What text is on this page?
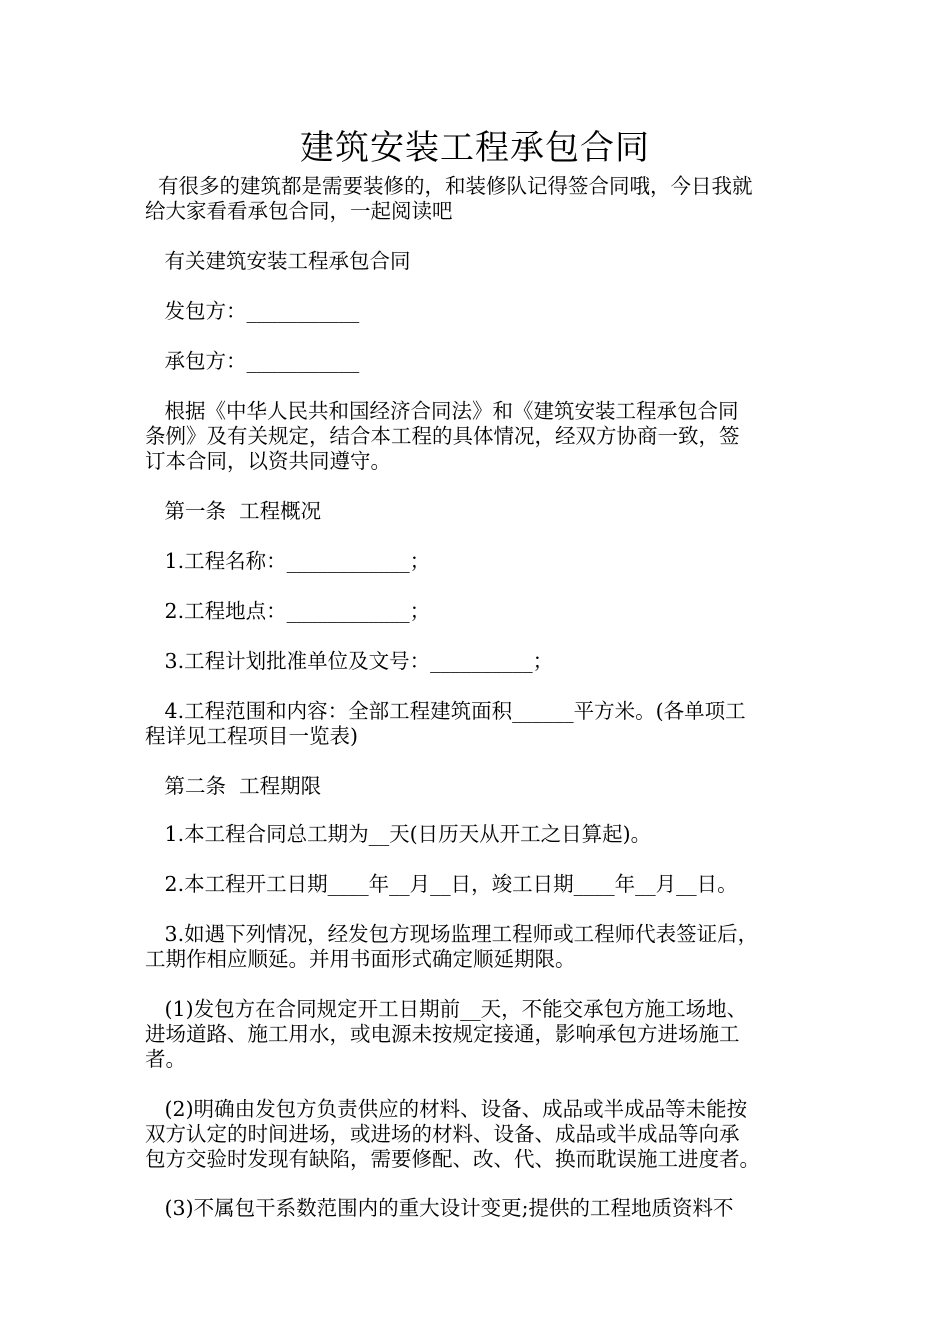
建筑安装工程承包合同
有很多的建筑都是需要装修的，和装修队记得签合同哦，今日我就
给大家看看承包合同，一起阅读吧
有关建筑安装工程承包合同
发包方：___________
承包方：___________
根据《中华人民共和国经济合同法》和《建筑安装工程承包合同
条例》及有关规定，结合本工程的具体情况，经双方协商一致，签
订本合同，以资共同遵守。
第一条  工程概况
1.工程名称：____________；
2.工程地点：____________；
3.工程计划批准单位及文号：__________；
4.工程范围和内容：全部工程建筑面积______平方米。(各单项工
程详见工程项目一览表)
第二条  工程期限
1.本工程合同总工期为__天(日历天从开工之日算起)。
2.本工程开工日期____年__月__日，竣工日期____年__月__日。
3.如遇下列情况，经发包方现场监理工程师或工程师代表签证后，
工期作相应顺延。并用书面形式确定顺延期限。
(1)发包方在合同规定开工日期前__天，不能交承包方施工场地、
进场道路、施工用水，或电源未按规定接通，影响承包方进场施工
者。
(2)明确由发包方负责供应的材料、设备、成品或半成品等未能按
双方认定的时间进场，或进场的材料、设备、成品或半成品等向承
包方交验时发现有缺陷，需要修配、改、代、换而耽误施工进度者。
(3)不属包干系数范围内的重大设计变更;提供的工程地质资料不
